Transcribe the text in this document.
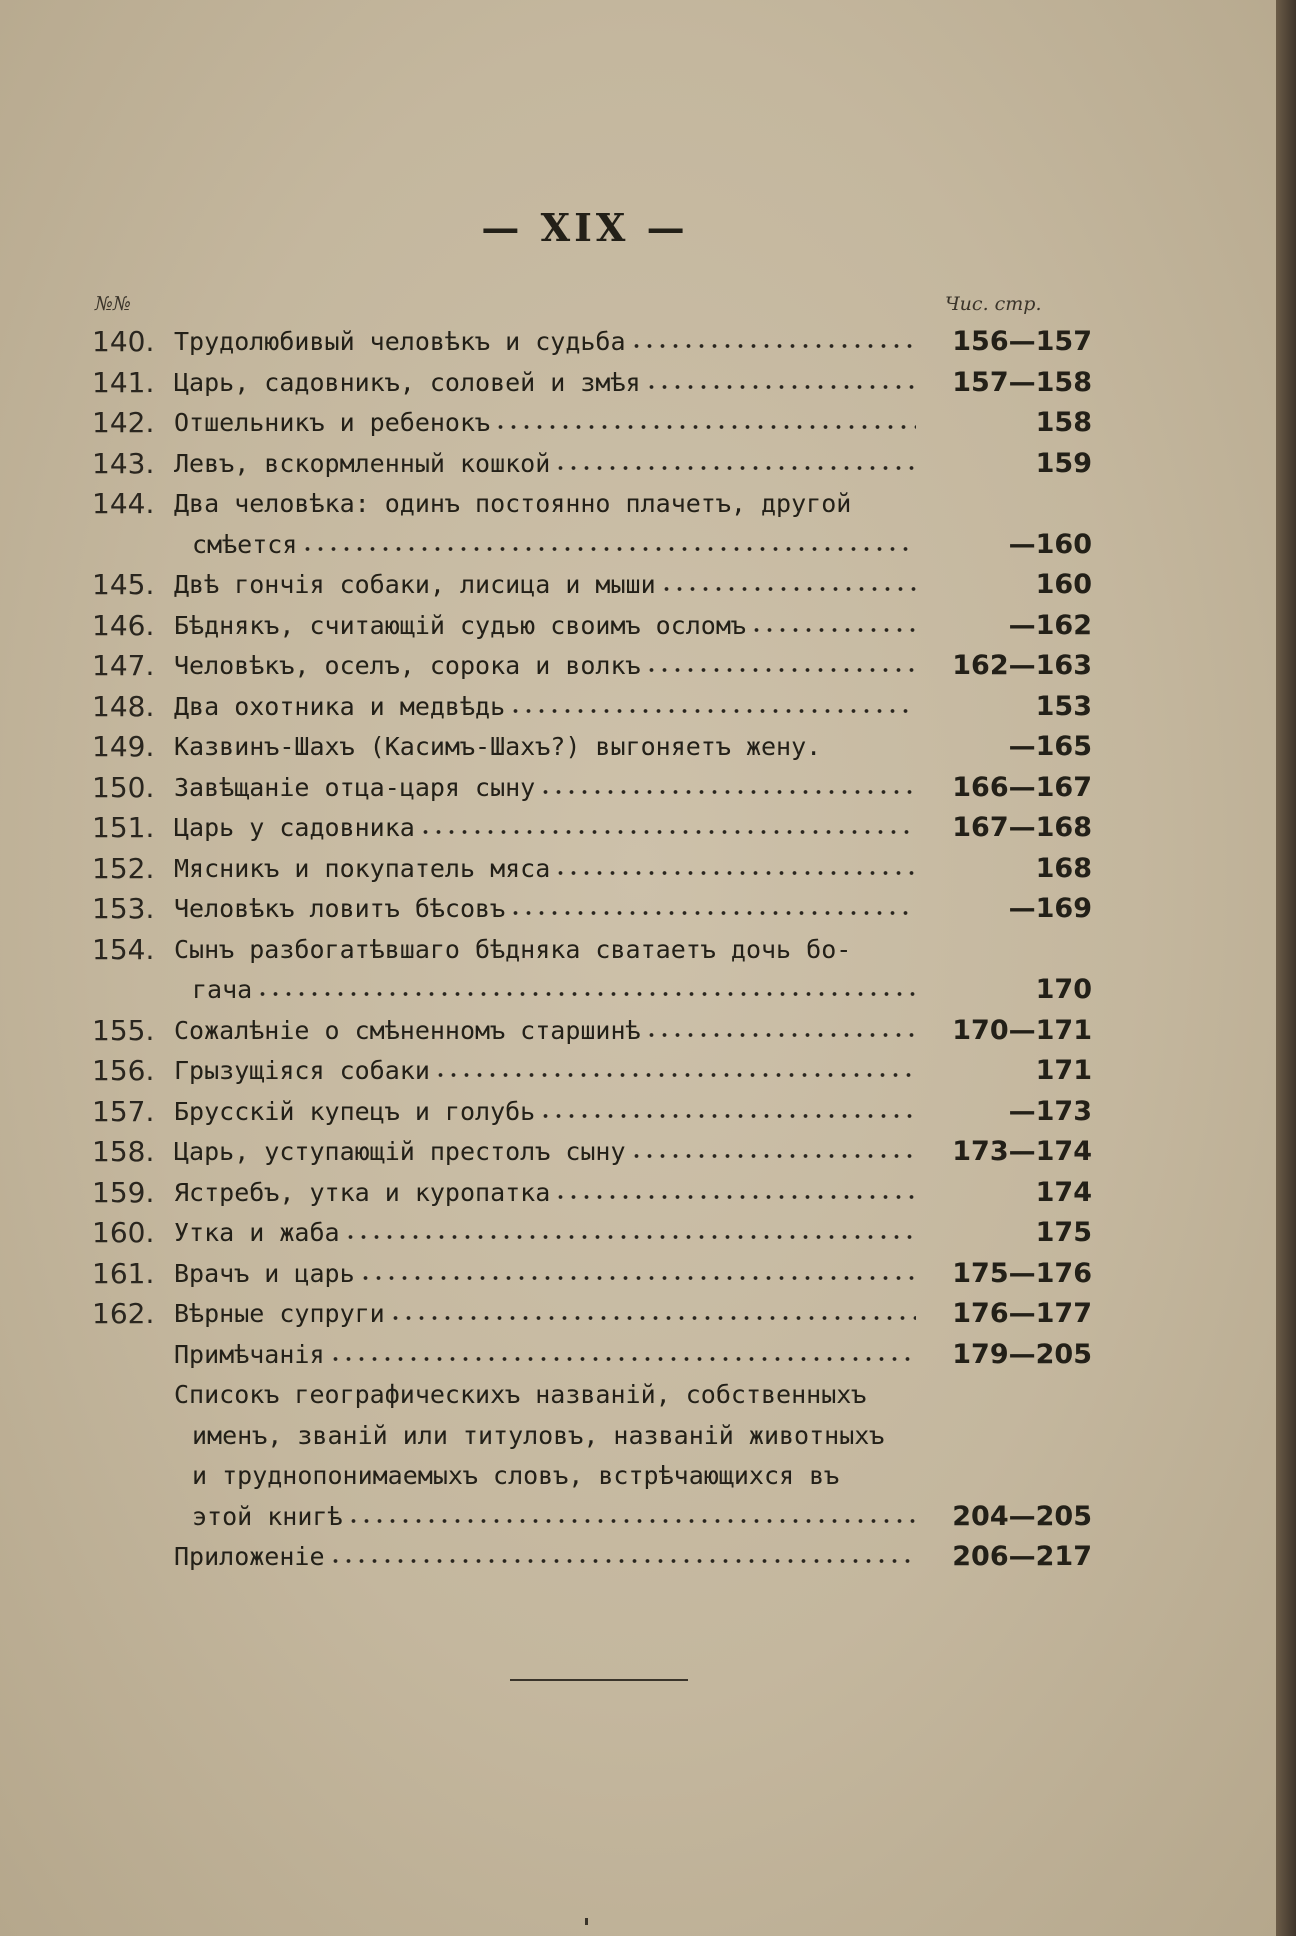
— XIX —
№№	Чис. стр.
140. Трудолюбивый человѣкъ и судьба	156—157
141. Царь, садовникъ, соловей и змѣя	157—158
142. Отшельникъ и ребенокъ	158
143. Левъ, вскормленный кошкой	159
144. Два человѣка: одинъ постоянно плачетъ, другой
смѣется	—160
145. Двѣ гончія собаки, лисица и мыши	160
146. Бѣднякъ, считающій судью своимъ осломъ	—162
147. Человѣкъ, оселъ, сорока и волкъ	162—163
148. Два охотника и медвѣдь	153
149. Казвинъ-Шахъ (Касимъ-Шахъ?) выгоняетъ жену.	—165
150. Завѣщаніе отца-царя сыну	166—167
151. Царь у садовника	167—168
152. Мясникъ и покупатель мяса	168
153. Человѣкъ ловитъ бѣсовъ	—169
154. Сынъ разбогатѣвшаго бѣдняка сватаетъ дочь бо-
гача	170
155. Сожалѣніе о смѣненномъ старшинѣ	170—171
156. Грызущіяся собаки	171
157. Брусскій купецъ и голубь	—173
158. Царь, уступающій престолъ сыну	173—174
159. Ястребъ, утка и куропатка	174
160. Утка и жаба	175
161. Врачъ и царь	175—176
162. Вѣрные супруги	176—177
Примѣчанія	179—205
Списокъ географическихъ названій, собственныхъ
именъ, званій или титуловъ, названій животныхъ
и труднопонимаемыхъ словъ, встрѣчающихся въ
этой книгѣ	204—205
Приложеніе	206—217
